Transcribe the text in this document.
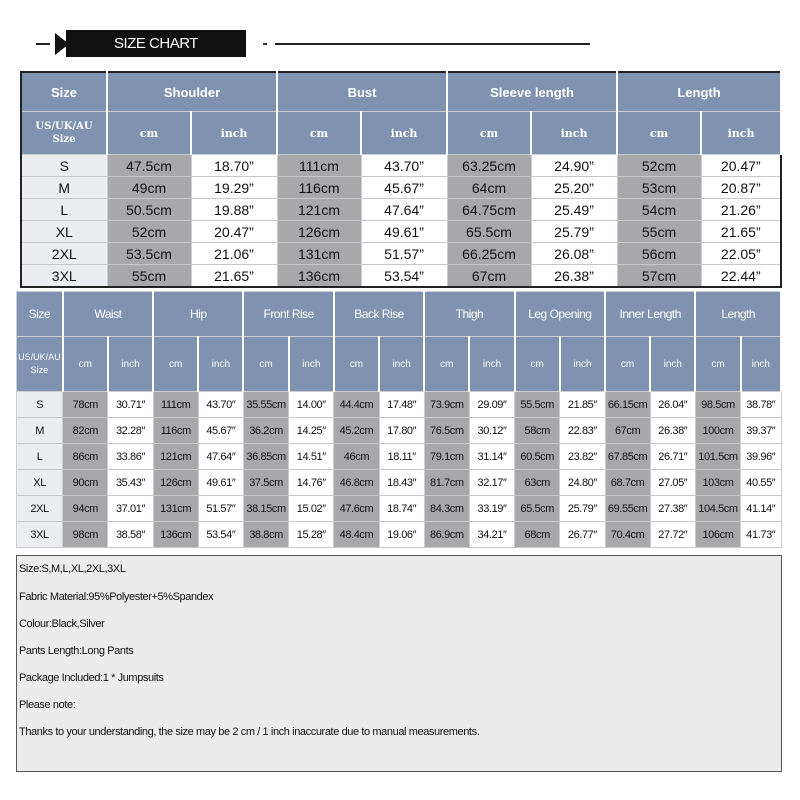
SIZE CHART
Size	Shoulder		Bust		Sleeve length		Length	
US/UK/AU
Size	cm	inch	cm	inch	cm	inch	cm	inch
S	47.5cm	18.70”	111cm	43.70”	63.25cm	24.90”	52cm	20.47”
M	49cm	19.29”	116cm	45.67”	64cm	25.20”	53cm	20.87”
L	50.5cm	19.88”	121cm	47.64”	64.75cm	25.49”	54cm	21.26”
XL	52cm	20.47”	126cm	49.61”	65.5cm	25.79”	55cm	21.65”
2XL	53.5cm	21.06”	131cm	51.57”	66.25cm	26.08”	56cm	22.05”
3XL	55cm	21.65”	136cm	53.54”	67cm	26.38”	57cm	22.44”
Size	Waist		Hip		Front Rise		Back Rise		Thigh		Leg Opening		Inner Length		Length	
US/UK/AU
Size	cm	inch	cm	inch	cm	inch	cm	inch	cm	inch	cm	inch	cm	inch	cm	inch
S	78cm	30.71″	111cm	43.70″	35.55cm	14.00″	44.4cm	17.48″	73.9cm	29.09″	55.5cm	21.85″	66.15cm	26.04″	98.5cm	38.78″
M	82cm	32.28″	116cm	45.67″	36.2cm	14.25″	45.2cm	17.80″	76.5cm	30.12″	58cm	22.83″	67cm	26.38″	100cm	39.37″
L	86cm	33.86″	121cm	47.64″	36.85cm	14.51″	46cm	18.11″	79.1cm	31.14″	60.5cm	23.82″	67.85cm	26.71″	101.5cm	39.96″
XL	90cm	35.43″	126cm	49.61″	37.5cm	14.76″	46.8cm	18.43″	81.7cm	32.17″	63cm	24.80″	68.7cm	27.05″	103cm	40.55″
2XL	94cm	37.01″	131cm	51.57″	38.15cm	15.02″	47.6cm	18.74″	84.3cm	33.19″	65.5cm	25.79″	69.55cm	27.38″	104.5cm	41.14″
3XL	98cm	38.58″	136cm	53.54″	38.8cm	15.28″	48.4cm	19.06″	86.9cm	34.21″	68cm	26.77″	70.4cm	27.72″	106cm	41.73″
Size:S,M,L,XL,2XL,3XL
Fabric Material:95%Polyester+5%Spandex
Colour:Black,Silver
Pants Length:Long Pants
Package Included:1 * Jumpsuits
Please note:
Thanks to your understanding, the size may be 2 cm / 1 inch inaccurate due to manual measurements.
